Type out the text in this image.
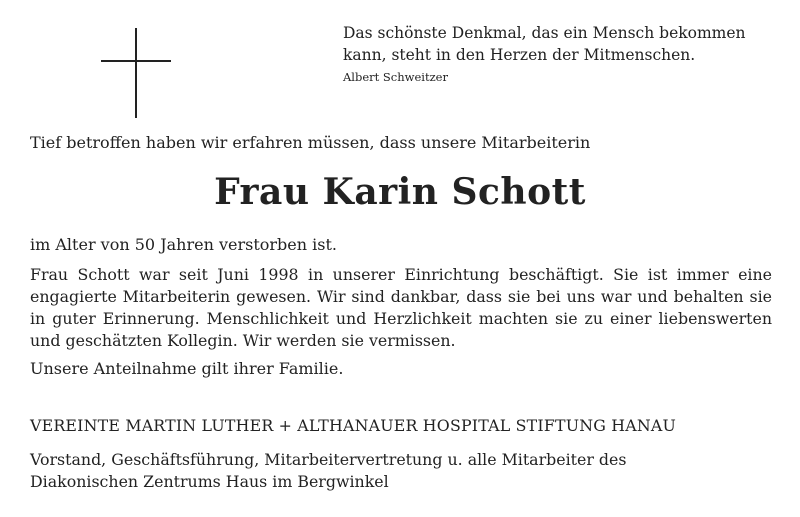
Das schönste Denkmal, das ein Mensch bekommen kann, steht in den Herzen der Mitmenschen.
Albert Schweitzer
Tief betroffen haben wir erfahren müssen, dass unsere Mitarbeiterin
Frau Karin Schott
im Alter von 50 Jahren verstorben ist.
Frau Schott war seit Juni 1998 in unserer Einrichtung beschäftigt. Sie ist immer eine engagierte Mitarbeiterin gewesen. Wir sind dankbar, dass sie bei uns war und behalten sie in guter Erinnerung. Menschlichkeit und Herzlichkeit machten sie zu einer liebenswerten und geschätzten Kollegin. Wir werden sie vermissen.
Unsere Anteilnahme gilt ihrer Familie.
VEREINTE MARTIN LUTHER + ALTHANAUER HOSPITAL STIFTUNG HANAU
Vorstand, Geschäftsführung, Mitarbeitervertretung u. alle Mitarbeiter des Diakonischen Zentrums Haus im Bergwinkel
